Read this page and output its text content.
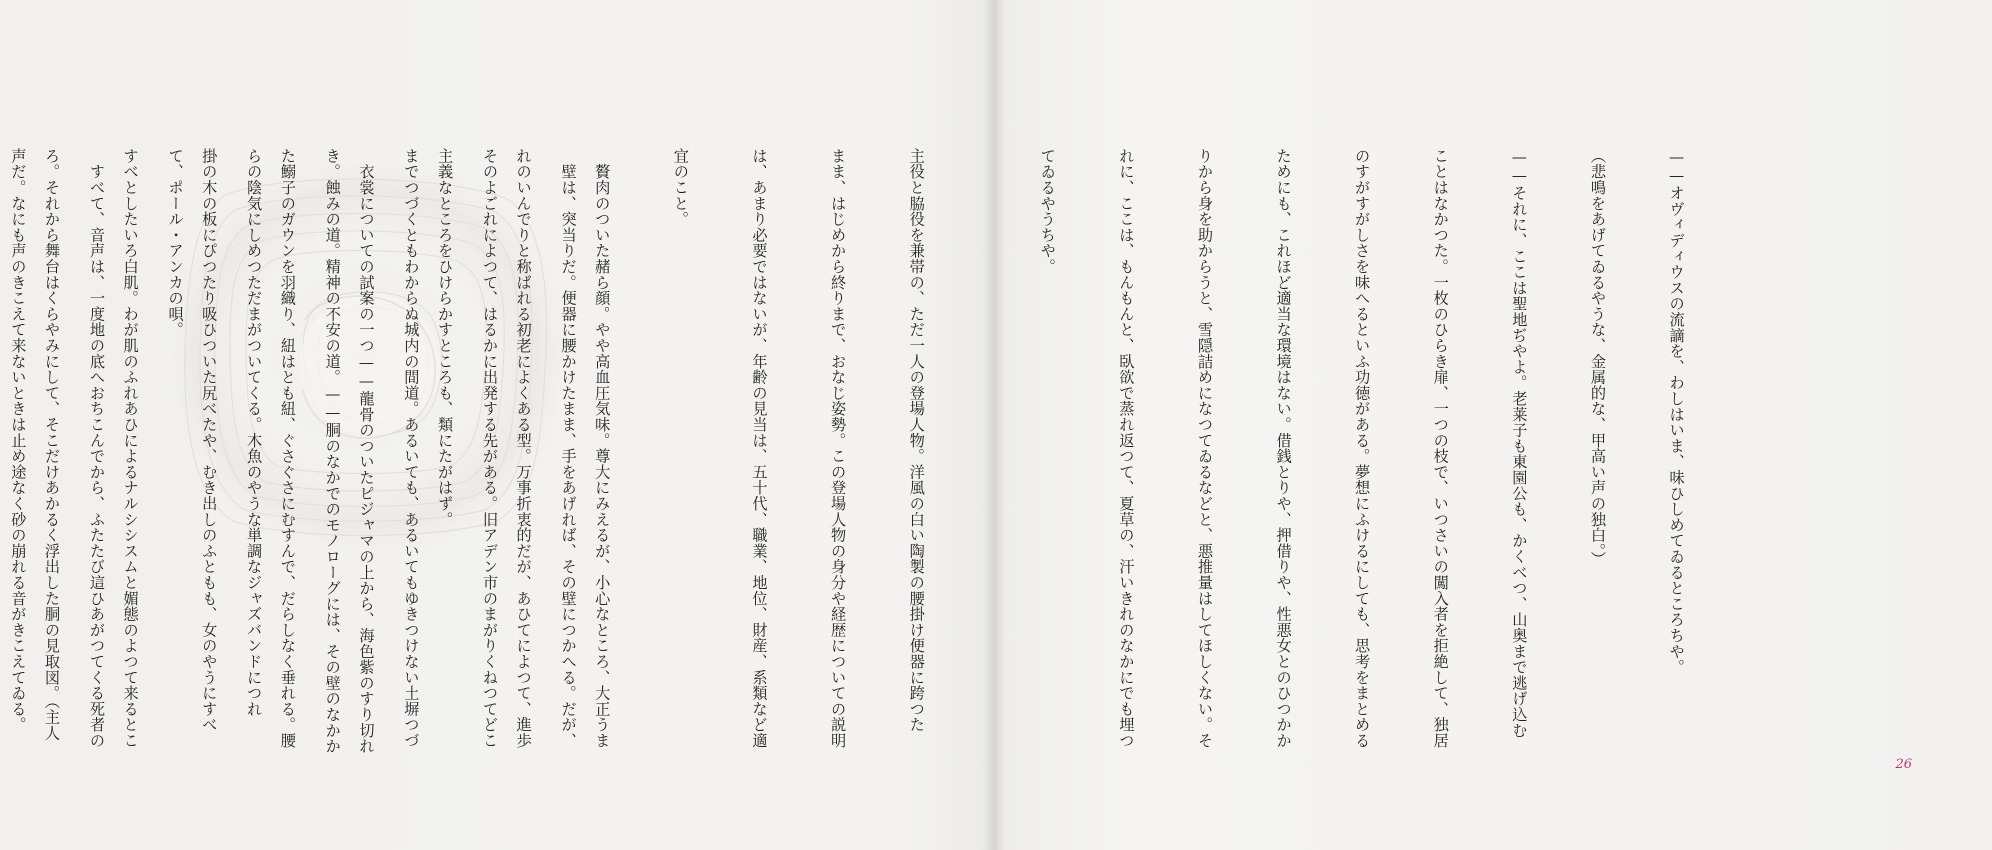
　壁は、突当りだ。便器に腰かけたまま、手をあげれば、その壁につかへる。だが、

そのよごれによつて、はるかに出発する先がある。旧アデン市のまがりくねつてどこ

までつづくともわからぬ城内の間道。あるいても、あるいてもゆきつけない土塀つづ

き。蝕みの道。精神の不安の道。——胴のなかでのモノローグには、その壁のなかか

らの陰気にしめつただまがついてくる。木魚のやうな単調なジャズバンドにつれ

て、ポール・アンカの唄。

　すべて、音声は、一度地の底へおちこんでから、ふたたび這ひあがつてくる死者の

声だ。なにも声のきこえて来ないときは止め途なく砂の崩れる音がきこえてゐる。

	——オヴィディウスの流謫を、わしはいま、味ひしめてゐるところちや。

（悲鳴をあげてゐるやうな、金属的な、甲高い声の独白。）

——それに、ここは聖地ぢやよ。老莱子も東園公も、かくべつ、山奥まで逃げ込む

ことはなかつた。一枚のひらき扉、一つの枝で、いつさいの闖入者を拒絶して、独居

のすがすがしさを味へるといふ功徳がある。夢想にふけるにしても、思考をまとめる

ためにも、これほど適当な環境はない。借銭とりや、押借りや、性悪女とのひつかか

りから身を助からうと、雪隠詰めになつてゐるなどと、悪推量はしてほしくない。そ

れに、ここは、もんもんと、臥欲で蒸れ返つて、夏草の、汗いきれのなかにでも埋つ

てゐるやうちや。

主役と脇役を兼帯の、ただ一人の登場人物。洋風の白い陶製の腰掛け便器に跨つた

まま、はじめから終りまで、おなじ姿勢。この登場人物の身分や経歴についての説明

は、あまり必要ではないが、年齢の見当は、五十代、職業、地位、財産、系類など適

宜のこと。

　贅肉のついた赭ら顔。やや高血圧気味。尊大にみえるが、小心なところ、大正うま

れのいんでりと称ばれる初老によくある型。万事折衷的だが、あひてによつて、進歩

主義なところをひけらかすところも、類にたがはず。

　衣裳についての試案の一つ——龍骨のついたピジャマの上から、海色紫のすり切れ

た鰯子のガウンを羽織り、紐はとも紐、ぐさぐさにむすんで、だらしなく垂れる。腰

掛の木の板にぴつたり吸ひついた尻べたや、むき出しのふともも、女のやうにすべ

すべとしたいろ白肌。わが肌のふれあひによるナルシシスムと媚態のよつて来るとこ

ろ。それから舞台はくらやみにして、そこだけあかるく浮出した胴の見取図。（主人

26
